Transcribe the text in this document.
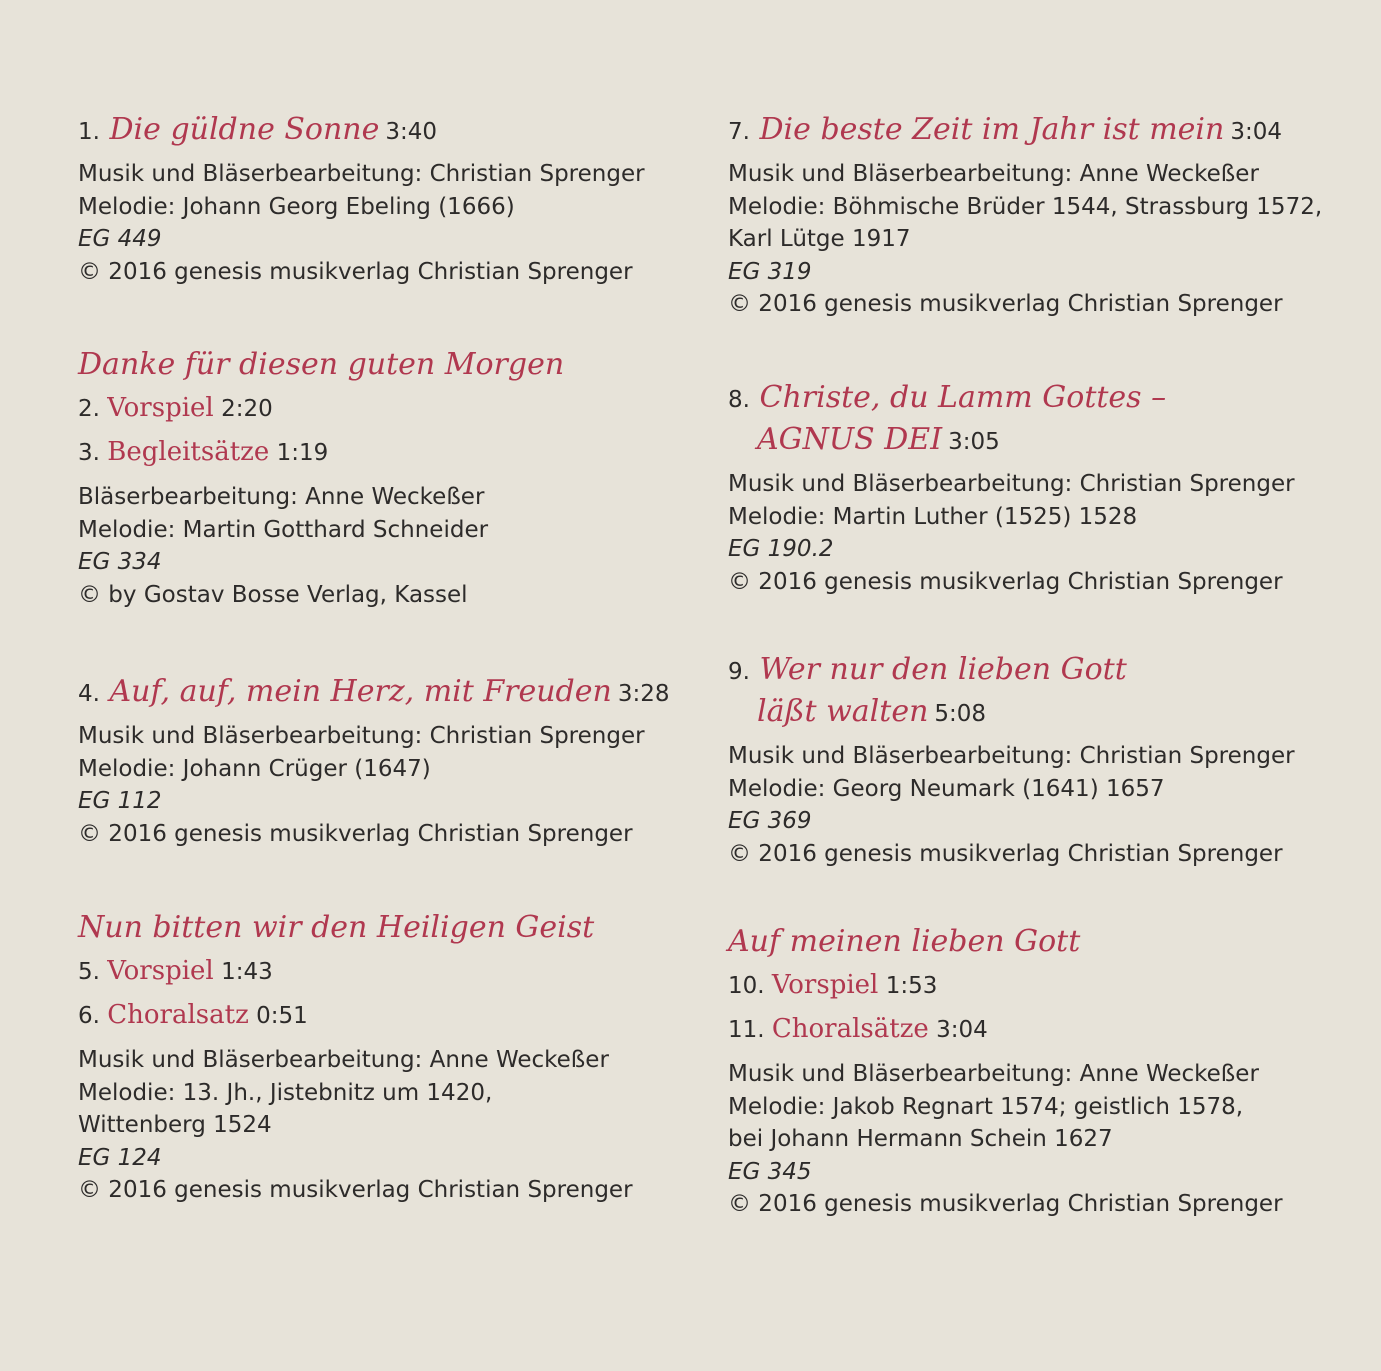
1. Die güldne Sonne 3:40
Musik und Bläserbearbeitung: Christian Sprenger
Melodie: Johann Georg Ebeling (1666)
EG 449
© 2016 genesis musikverlag Christian Sprenger
Danke für diesen guten Morgen
2. Vorspiel 2:20
3. Begleitsätze 1:19
Bläserbearbeitung: Anne Weckeßer
Melodie: Martin Gotthard Schneider
EG 334
© by Gostav Bosse Verlag, Kassel
4. Auf, auf, mein Herz, mit Freuden 3:28
Musik und Bläserbearbeitung: Christian Sprenger
Melodie: Johann Crüger (1647)
EG 112
© 2016 genesis musikverlag Christian Sprenger
Nun bitten wir den Heiligen Geist
5. Vorspiel 1:43
6. Choralsatz 0:51
Musik und Bläserbearbeitung: Anne Weckeßer
Melodie: 13. Jh., Jistebnitz um 1420,
Wittenberg 1524
EG 124
© 2016 genesis musikverlag Christian Sprenger
7. Die beste Zeit im Jahr ist mein 3:04
Musik und Bläserbearbeitung: Anne Weckeßer
Melodie: Böhmische Brüder 1544, Strassburg 1572,
Karl Lütge 1917
EG 319
© 2016 genesis musikverlag Christian Sprenger
8. Christe, du Lamm Gottes –
AGNUS DEI 3:05
Musik und Bläserbearbeitung: Christian Sprenger
Melodie: Martin Luther (1525) 1528
EG 190.2
© 2016 genesis musikverlag Christian Sprenger
9. Wer nur den lieben Gott
läßt walten 5:08
Musik und Bläserbearbeitung: Christian Sprenger
Melodie: Georg Neumark (1641) 1657
EG 369
© 2016 genesis musikverlag Christian Sprenger
Auf meinen lieben Gott
10. Vorspiel 1:53
11. Choralsätze 3:04
Musik und Bläserbearbeitung: Anne Weckeßer
Melodie: Jakob Regnart 1574; geistlich 1578,
bei Johann Hermann Schein 1627
EG 345
© 2016 genesis musikverlag Christian Sprenger
